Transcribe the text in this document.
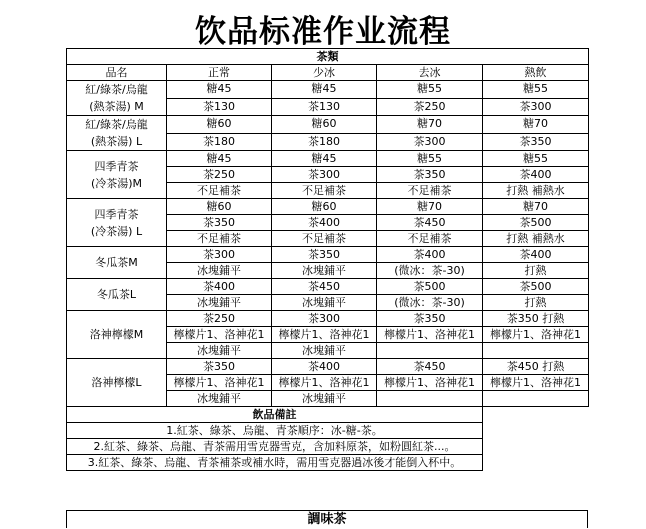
饮品标准作业流程
茶類				
品名	正常	少冰	去冰	熱飲

紅/綠茶/烏龍
(熱茶湯) M	糖45	糖45	糖55	糖55
	茶130	茶130	茶250	茶300

紅/綠茶/烏龍
(熱茶湯) L	糖60	糖60	糖70	糖70
	茶180	茶180	茶300	茶350

四季青茶
(冷茶湯)M	糖45	糖45	糖55	糖55
	茶250	茶300	茶350	茶400
	不足補茶	不足補茶	不足補茶	打熱 補熱水

四季青茶
(冷茶湯) L	糖60	糖60	糖70	糖70
	茶350	茶400	茶450	茶500
	不足補茶	不足補茶	不足補茶	打熱 補熱水

冬瓜茶M	茶300	茶350	茶400	茶400
	冰塊鋪平	冰塊鋪平	(微冰：茶-30)	打熱

冬瓜茶L	茶400	茶450	茶500	茶500
	冰塊鋪平	冰塊鋪平	(微冰：茶-30)	打熱

洛神檸檬M	茶250	茶300	茶350	茶350 打熱
	檸檬片1、洛神花1	檸檬片1、洛神花1	檸檬片1、洛神花1	檸檬片1、洛神花1
	冰塊鋪平	冰塊鋪平		

洛神檸檬L	茶350	茶400	茶450	茶450 打熱
	檸檬片1、洛神花1	檸檬片1、洛神花1	檸檬片1、洛神花1	檸檬片1、洛神花1
	冰塊鋪平	冰塊鋪平		
飲品備註				
1.紅茶、綠茶、烏龍、青茶順序：冰-糖-茶。				
2.紅茶、綠茶、烏龍、青茶需用雪克器雪克，含加料原茶，如粉圓紅茶...。				
3.紅茶、綠茶、烏龍、青茶補茶或補水時，需用雪克器過冰後才能倒入杯中。				
調味茶
